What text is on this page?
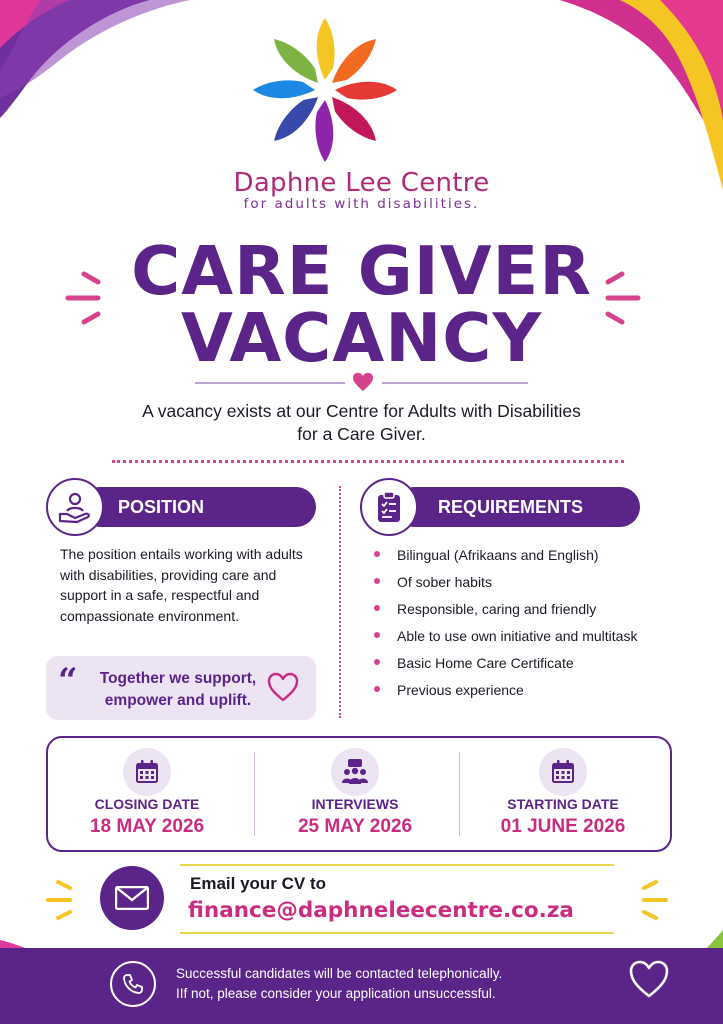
Daphne Lee Centre
for adults with disabilities.
CARE GIVER
VACANCY
A vacancy exists at our Centre for Adults with Disabilities
for a Care Giver.
POSITION
The position entails working with adults with disabilities, providing care and support in a safe, respectful and compassionate environment.
“	Together we support,
empower and uplift.
REQUIREMENTS
Bilingual (Afrikaans and English)
Of sober habits
Responsible, caring and friendly
Able to use own initiative and multitask
Basic Home Care Certificate
Previous experience
CLOSING DATE
18 MAY 2026
INTERVIEWS
25 MAY 2026
STARTING DATE
01 JUNE 2026
Email your CV to
finance@daphneleecentre.co.za
Successful candidates will be contacted telephonically.
IIf not, please consider your application unsuccessful.
